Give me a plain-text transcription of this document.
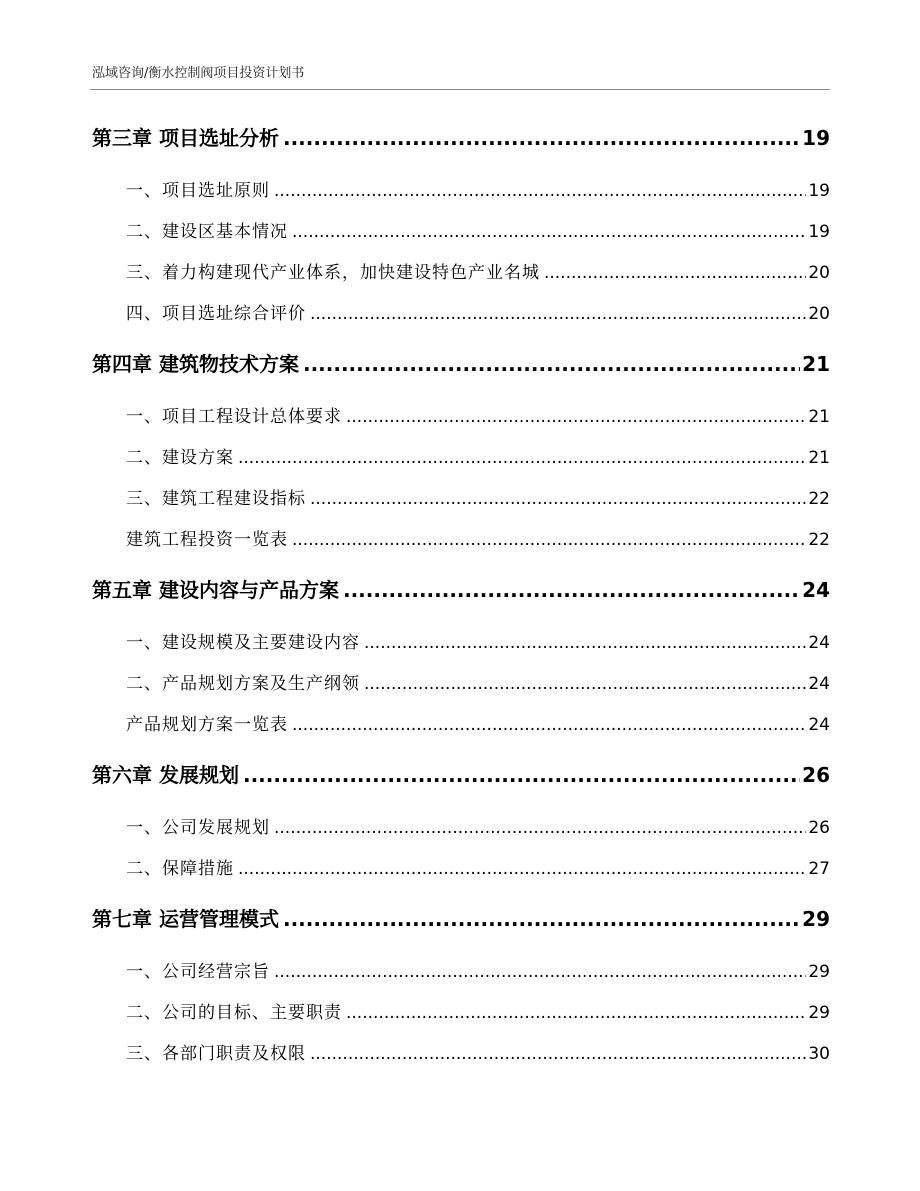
泓域咨询/衡水控制阀项目投资计划书
第三章 项目选址分析 .....	19
一、 项目选址原则 .....	19
二、 建设区基本情况 .....	19
三、 着力构建现代产业体系，加快建设特色产业名城 .....	20
四、 项目选址综合评价 .....	20
第四章 建筑物技术方案 .....	21
一、 项目工程设计总体要求 .....	21
二、 建设方案 .....	21
三、 建筑工程建设指标 .....	22
建筑工程投资一览表 .....	22
第五章 建设内容与产品方案 .....	24
一、 建设规模及主要建设内容 .....	24
二、 产品规划方案及生产纲领 .....	24
产品规划方案一览表 .....	24
第六章 发展规划 .....	26
一、 公司发展规划 .....	26
二、 保障措施 .....	27
第七章 运营管理模式 .....	29
一、 公司经营宗旨 .....	29
二、 公司的目标、主要职责 .....	29
三、 各部门职责及权限 .....	30
